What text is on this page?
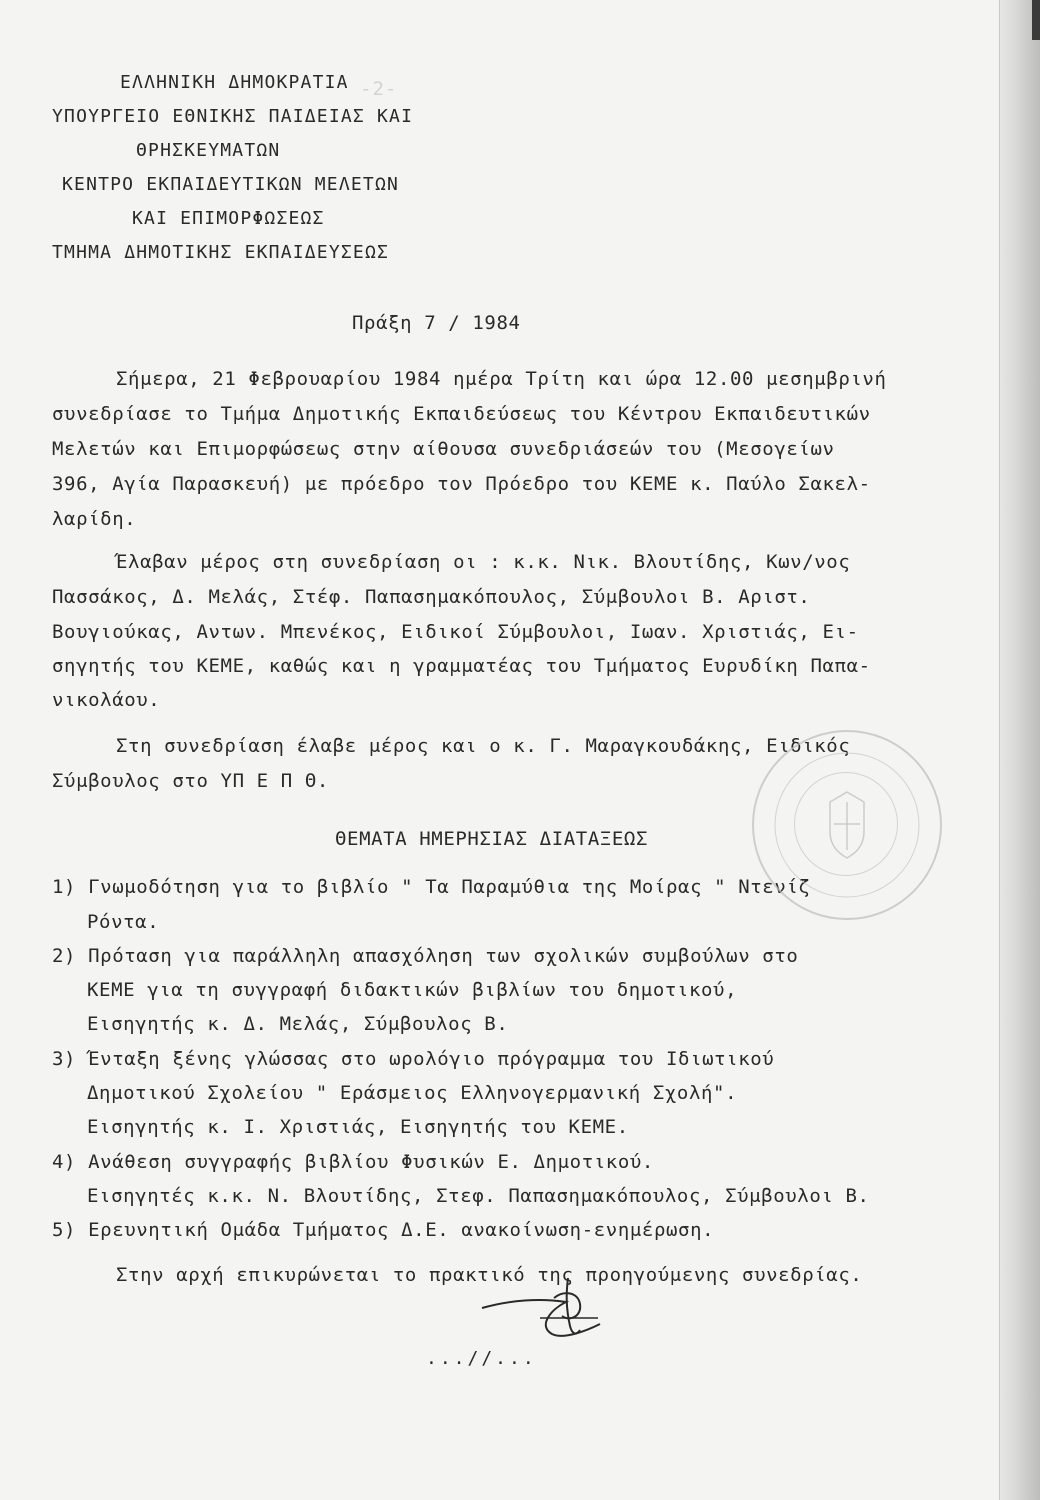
ΕΛΛΗΝΙΚΗ ΔΗΜΟΚΡΑΤΙΑ
ΥΠΟΥΡΓΕΙΟ ΕΘΝΙΚΗΣ ΠΑΙΔΕΙΑΣ ΚΑΙ
ΘΡΗΣΚΕΥΜΑΤΩΝ
ΚΕΝΤΡΟ ΕΚΠΑΙΔΕΥΤΙΚΩΝ ΜΕΛΕΤΩΝ
ΚΑΙ ΕΠΙΜΟΡΦΩΣΕΩΣ
ΤΜΗΜΑ ΔΗΜΟΤΙΚΗΣ ΕΚΠΑΙΔΕΥΣΕΩΣ
Πράξη 7 / 1984
Σήμερα, 21 Φεβρουαρίου 1984 ημέρα Τρίτη και ώρα 12.00 μεσημβρινή
συνεδρίασε το Τμήμα Δημοτικής Εκπαιδεύσεως του Κέντρου Εκπαιδευτικών
Μελετών και Επιμορφώσεως στην αίθουσα συνεδριάσεών του (Μεσογείων
396, Αγία Παρασκευή) με πρόεδρο τον Πρόεδρο του ΚΕΜΕ κ. Παύλο Σακελ-
λαρίδη.
Έλαβαν μέρος στη συνεδρίαση οι : κ.κ. Νικ. Βλουτίδης, Κων/νος
Πασσάκος, Δ. Μελάς, Στέφ. Παπασημακόπουλος, Σύμβουλοι Β. Αριστ.
Βουγιούκας, Αντων. Μπενέκος, Ειδικοί Σύμβουλοι, Ιωαν. Χριστιάς, Ει-
σηγητής του ΚΕΜΕ, καθώς και η γραμματέας του Τμήματος Ευρυδίκη Παπα-
νικολάου.
Στη συνεδρίαση έλαβε μέρος και ο κ. Γ. Μαραγκουδάκης, Ειδικός
Σύμβουλος στο ΥΠ Ε Π Θ.
ΘΕΜΑΤΑ ΗΜΕΡΗΣΙΑΣ ΔΙΑΤΑΞΕΩΣ
1) Γνωμοδότηση για το βιβλίο " Τα Παραμύθια της Μοίρας " Ντενίζ
Ρόντα.
2) Πρόταση για παράλληλη απασχόληση των σχολικών συμβούλων στο
ΚΕΜΕ για τη συγγραφή διδακτικών βιβλίων του δημοτικού,
Εισηγητής κ. Δ. Μελάς, Σύμβουλος Β.
3) Ένταξη ξένης γλώσσας στο ωρολόγιο πρόγραμμα του Ιδιωτικού
Δημοτικού Σχολείου " Εράσμειος Ελληνογερμανική Σχολή".
Εισηγητής κ. Ι. Χριστιάς, Εισηγητής του ΚΕΜΕ.
4) Ανάθεση συγγραφής βιβλίου Φυσικών Ε. Δημοτικού.
Εισηγητές κ.κ. Ν. Βλουτίδης, Στεφ. Παπασημακόπουλος, Σύμβουλοι Β.
5) Ερευνητική Ομάδα Τμήματος Δ.Ε. ανακοίνωση-ενημέρωση.
Στην αρχή επικυρώνεται το πρακτικό της προηγούμενης συνεδρίας.
...//...
-2-
